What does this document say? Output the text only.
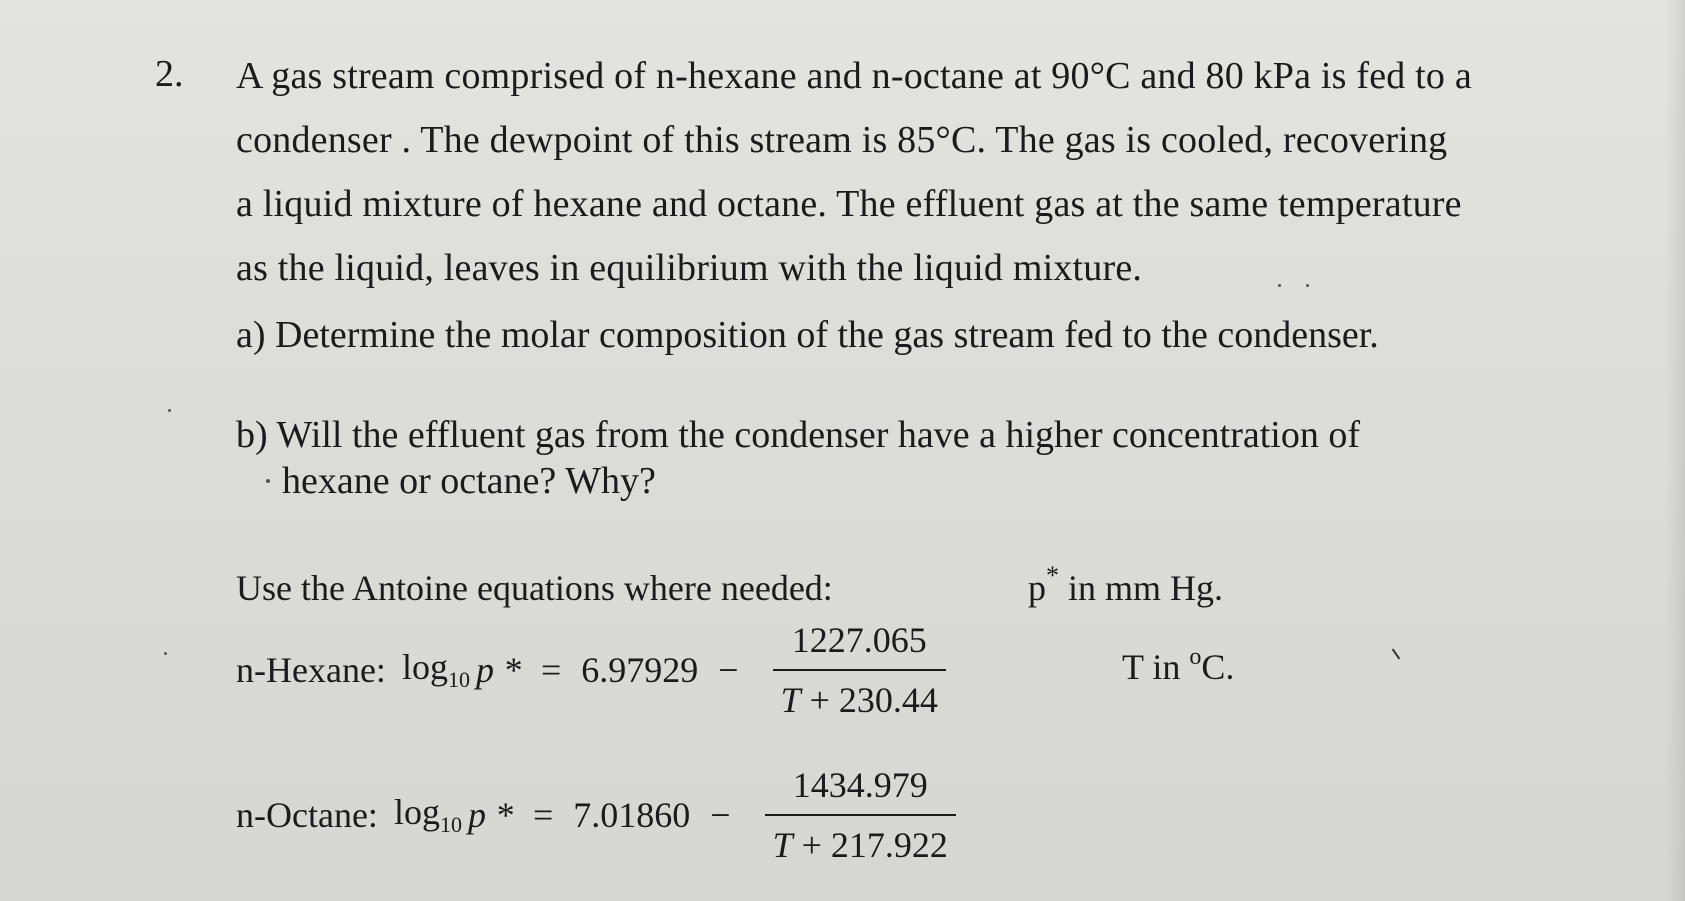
2. A gas stream comprised of n-hexane and n-octane at 90°C and 80 kPa is fed to a
condenser . The dewpoint of this stream is 85°C. The gas is cooled, recovering
a liquid mixture of hexane and octane. The effluent gas at the same temperature
as the liquid, leaves in equilibrium with the liquid mixture.
a) Determine the molar composition of the gas stream fed to the condenser.
b) Will the effluent gas from the condenser have a higher concentration of
hexane or octane? Why?
Use the Antoine equations where needed:	p* in mm Hg.
T in $^o$C.
n-Hexane: $\log_{10} p$ * = $6.97929 - \frac{1227.065}{T + 230.44}$
n-Octane: $\log_{10} p$ * = $7.01860 - \frac{1434.979}{T + 217.922}$
